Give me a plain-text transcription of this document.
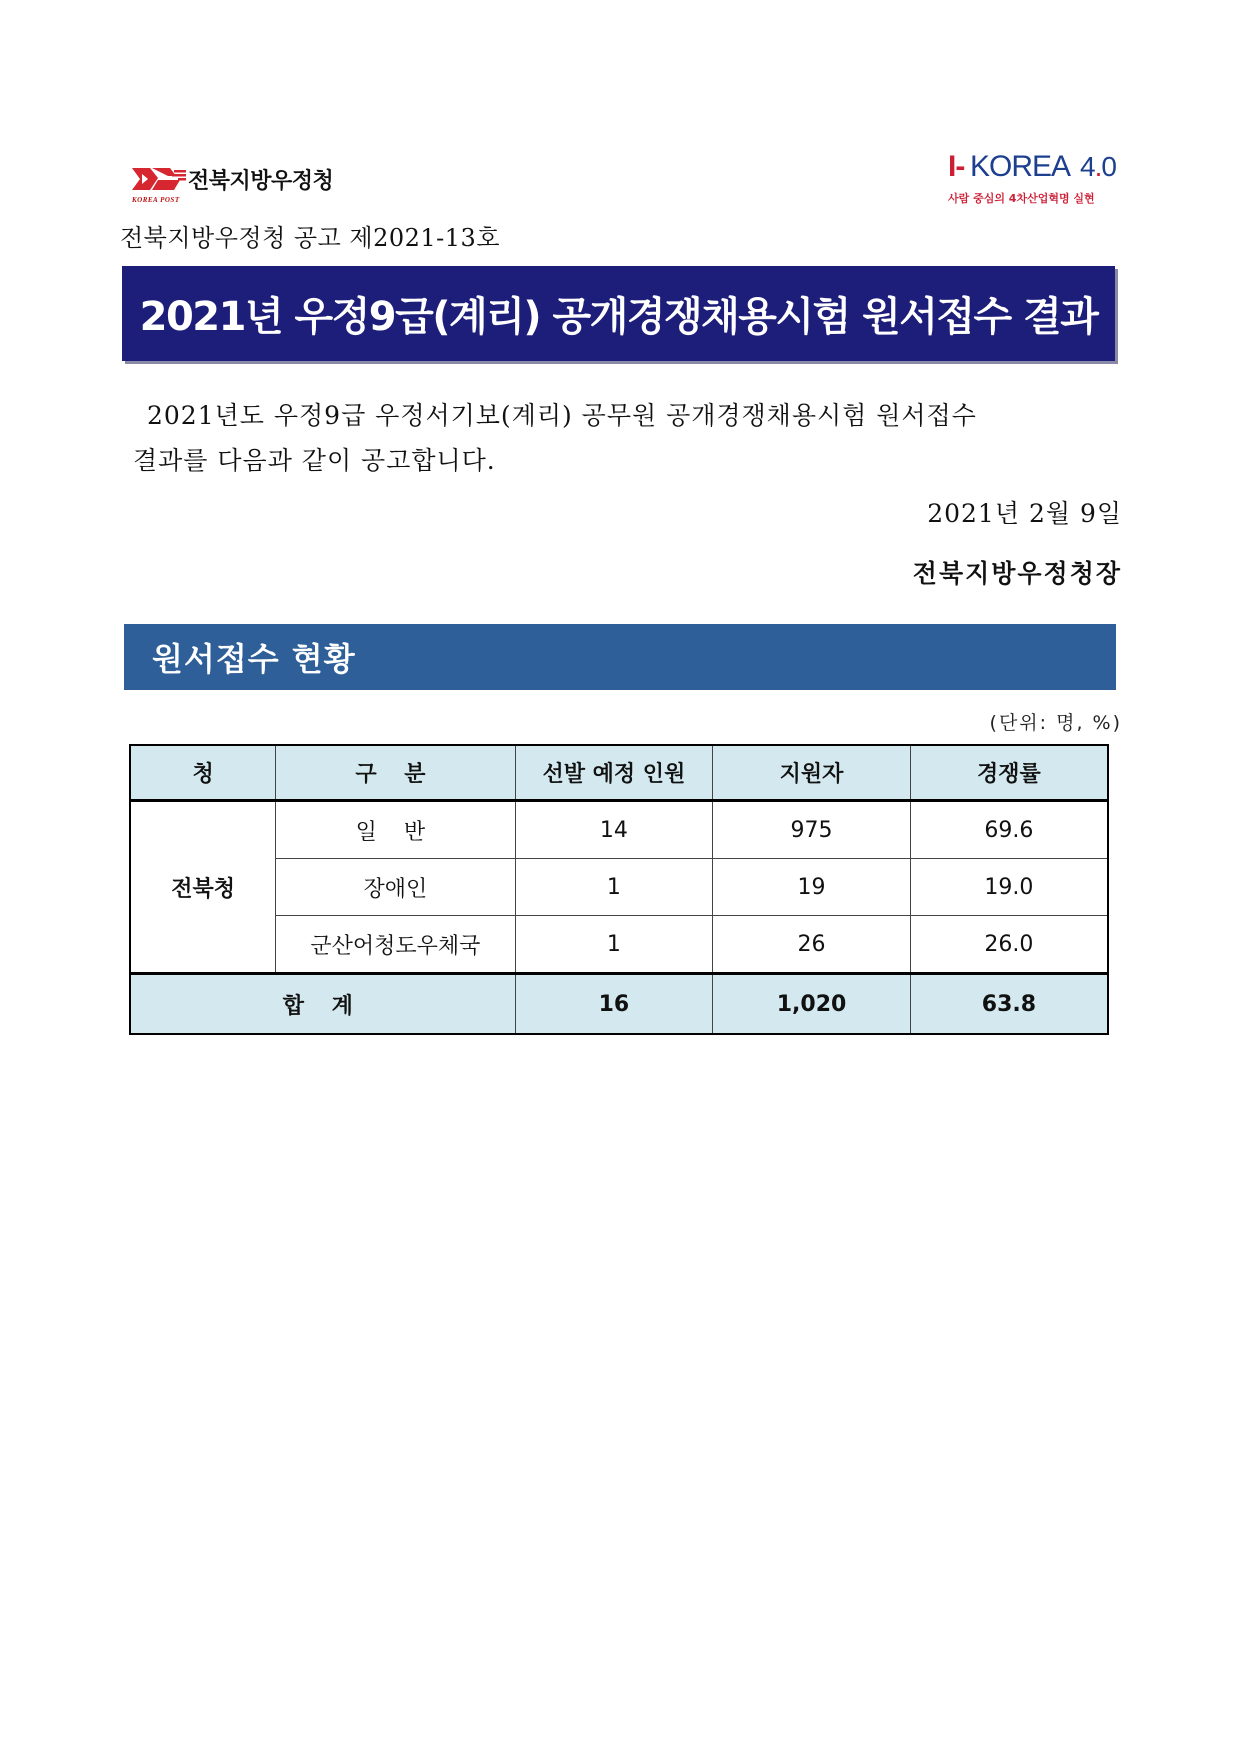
KOREA POST
전북지방우정청	I- KOREA 4.0
사람 중심의 4차산업혁명 실현
전북지방우정청 공고 제2021-13호
2021년 우정9급(계리) 공개경쟁채용시험 원서접수 결과
2021년도 우정9급 우정서기보(계리) 공무원 공개경쟁채용시험 원서접수
결과를 다음과 같이 공고합니다.
2021년 2월 9일
전북지방우정청장
원서접수 현황
(단위: 명, %)
청	구 분	선발 예정 인원	지원자	경쟁률
전북청	일 반	14	975	69.6
	장애인	1	19	19.0
	군산어청도우체국	1	26	26.0
합 계		16	1,020	63.8
